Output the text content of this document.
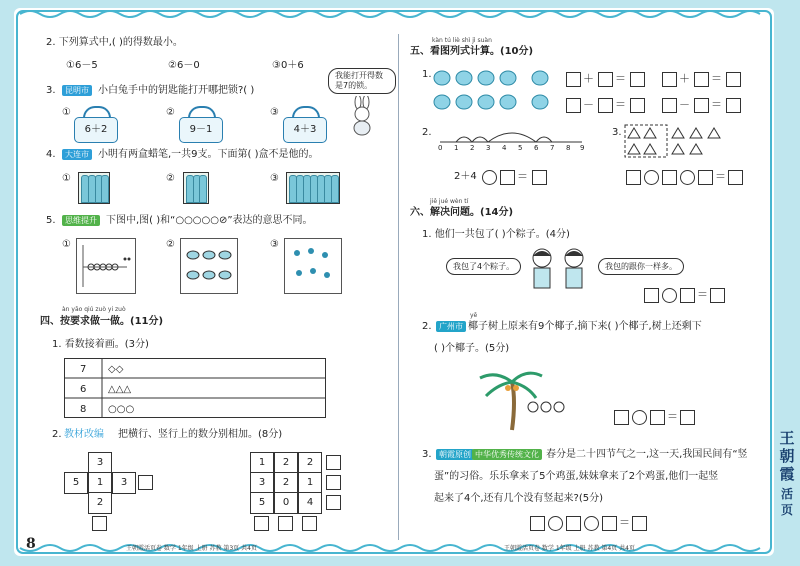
2. 下列算式中,( )的得数最小。
①6－5	②6－0	③0＋6
3.	昆明市 小白兔手中的钥匙能打开哪把锁?( )
①
6＋2
②
9－1
③
4＋3
我能打开得数是7的锁。
4.	大连市 小明有两盒蜡笔,一共9支。下面第( )盒不是他的。
①	②	③
5.	思维提升 下图中,图( )和“○○○○○⊘”表达的意思不同。
①	②	③
àn yāo qiú zuò yi zuò
四、按要求做一做。(11分)
1. 看数接着画。(3分)
7 ◇◇
6 △△△
8 ○○○
2. 教材改编 把横行、竖行上的数分别相加。(8分)
3
5	1	3
2
1	2	2
3	2	1
5	0	4
8	王朝霞活页卷 数学 1年级 上册 苏教 第3页 共4页
kàn tú liè shì jì suàn
五、看图列式计算。(10分)
1.	＋ ＝	＋ ＝
－ ＝	－ ＝
2.
0 1 2 3 4 5 6 7 8 9
2＋4	＝
3.
＝
jiě jué wèn tí
六、解决问题。(14分)
1. 他们一共包了( )个粽子。(4分)
我包了4个粽子。	我包的跟你一样多。
＝
2. 广州市
yē
椰子树上原来有9个椰子,摘下来( )个椰子,树上还剩下
( )个椰子。(5分)
＝
3. 朝霞原创 中华优秀传统文化 春分是二十四节气之一,这一天,我国民间有“竖
蛋”的习俗。乐乐拿来了5个鸡蛋,妹妹拿来了2个鸡蛋,他们一起竖
起来了4个,还有几个没有竖起来?(5分)
＝
王朝霞活页卷 数学 1年级 上册 苏教 第4页 共4页
王
朝
霞
活
页
